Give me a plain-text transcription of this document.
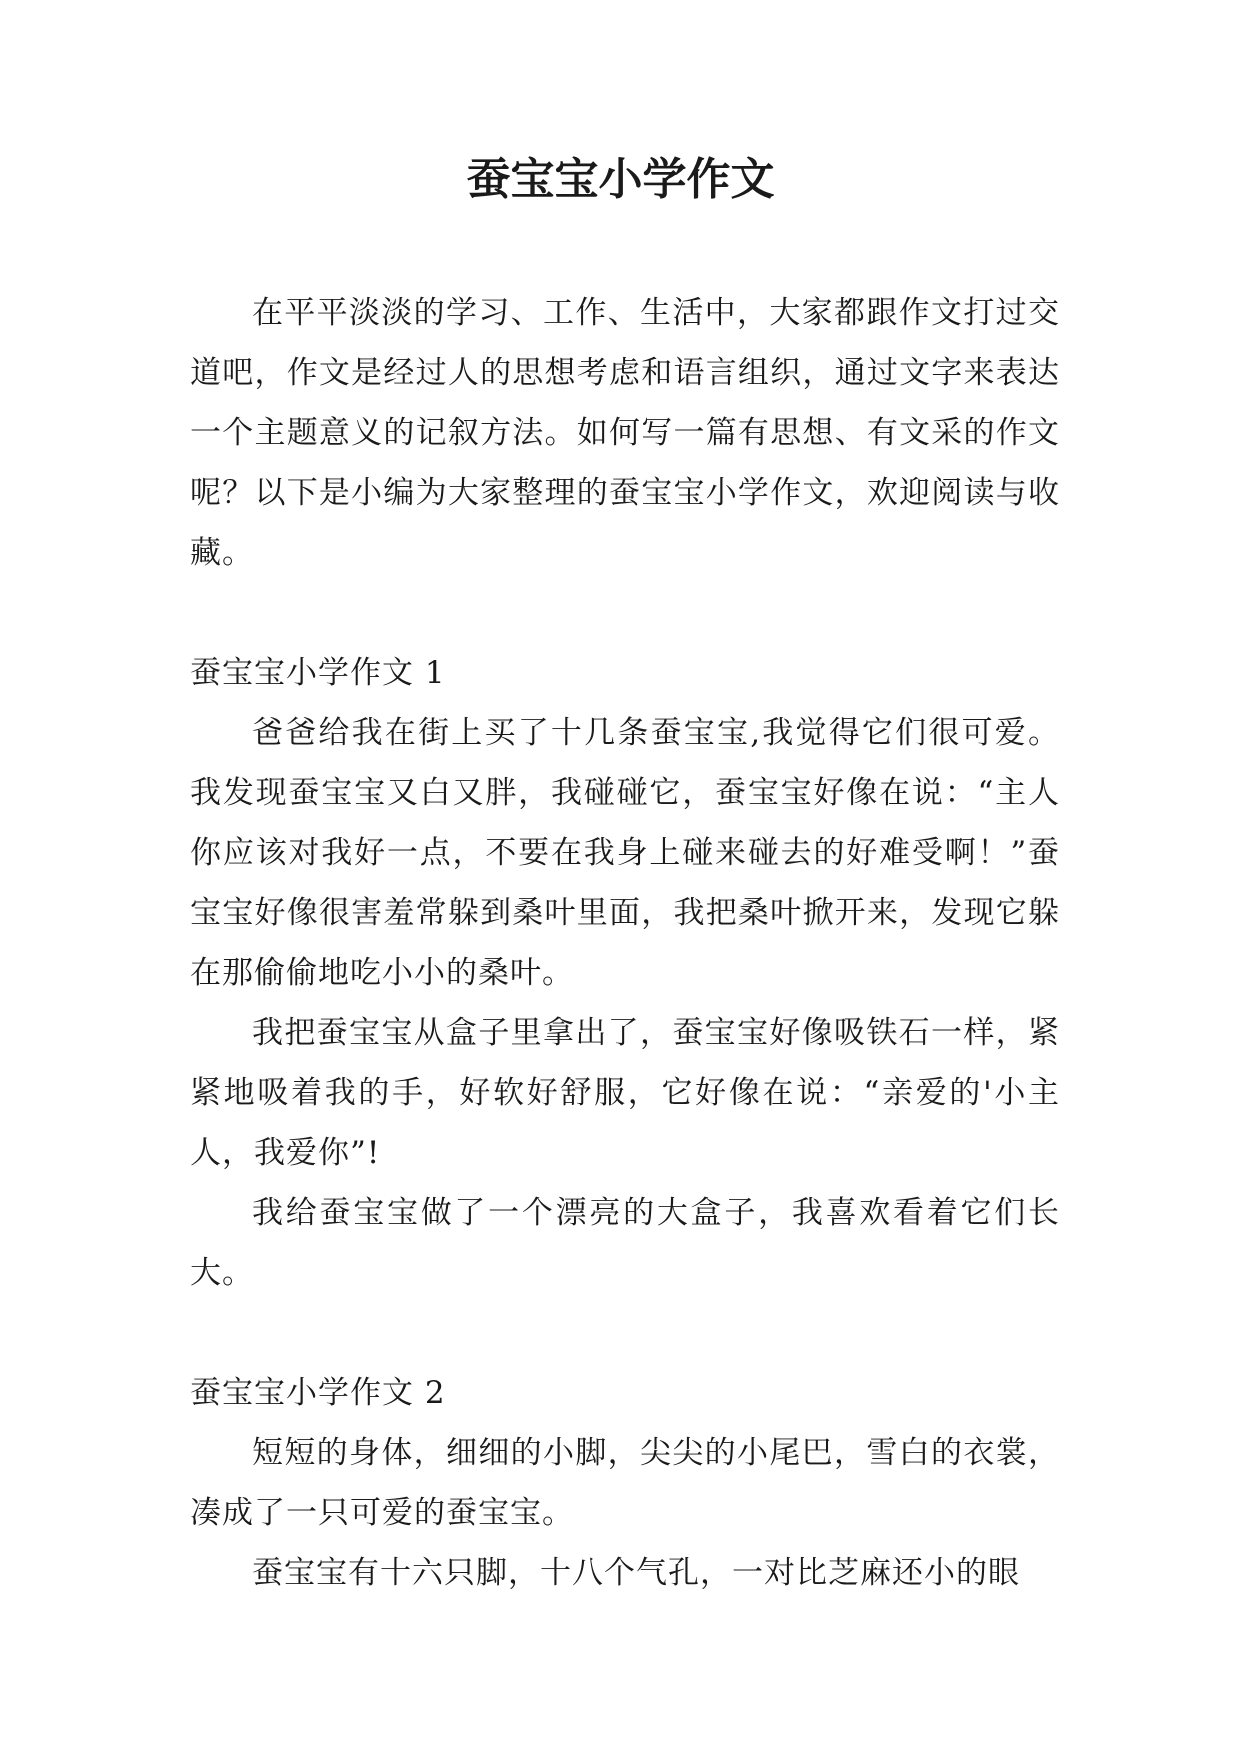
蚕宝宝小学作文

在平平淡淡的学习、工作、生活中，大家都跟作文打过交道吧，作文是经过人的思想考虑和语言组织，通过文字来表达一个主题意义的记叙方法。如何写一篇有思想、有文采的作文呢？以下是小编为大家整理的蚕宝宝小学作文，欢迎阅读与收藏。

蚕宝宝小学作文 1

爸爸给我在街上买了十几条蚕宝宝,我觉得它们很可爱。我发现蚕宝宝又白又胖，我碰碰它，蚕宝宝好像在说：“主人你应该对我好一点，不要在我身上碰来碰去的好难受啊！”蚕宝宝好像很害羞常躲到桑叶里面，我把桑叶掀开来，发现它躲在那偷偷地吃小小的桑叶。

我把蚕宝宝从盒子里拿出了，蚕宝宝好像吸铁石一样，紧紧地吸着我的手，好软好舒服，它好像在说：“亲爱的'小主人，我爱你”!

我给蚕宝宝做了一个漂亮的大盒子，我喜欢看着它们长大。

蚕宝宝小学作文 2

短短的身体，细细的小脚，尖尖的小尾巴，雪白的衣裳，凑成了一只可爱的蚕宝宝。

蚕宝宝有十六只脚，十八个气孔，一对比芝麻还小的眼
